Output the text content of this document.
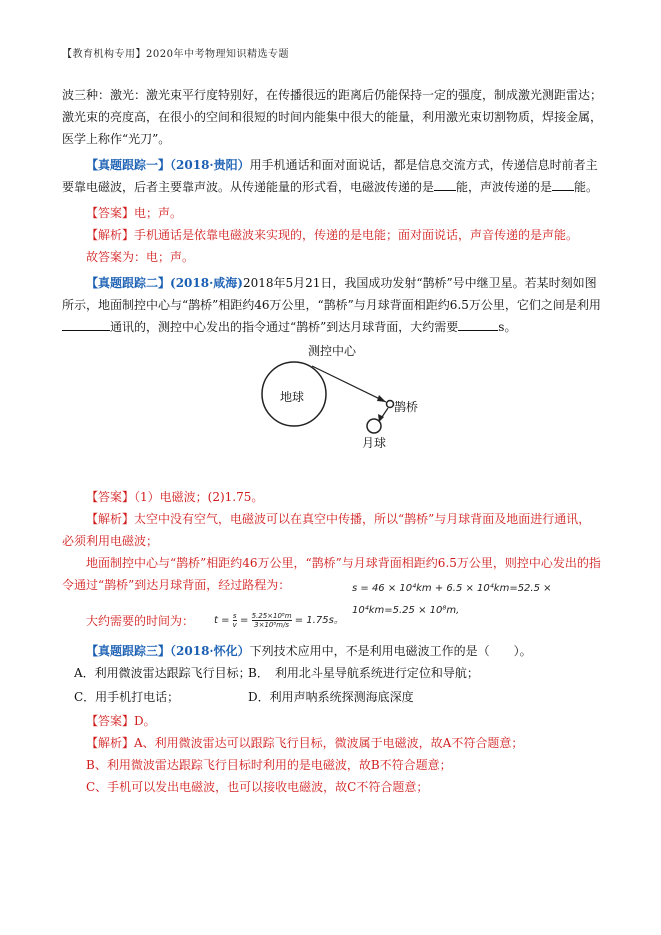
【教育机构专用】2020年中考物理知识精选专题

波三种：激光：激光束平行度特别好，在传播很远的距离后仍能保持一定的强度，制成激光测距雷达；激光束的亮度高，在很小的空间和很短的时间内能集中很大的能量，利用激光束切割物质，焊接金属，医学上称作“光刀”。

【真题跟踪一】（2018·贵阳）用手机通话和面对面说话，都是信息交流方式，传递信息时前者主要靠电磁波，后者主要靠声波。从传递能量的形式看，电磁波传递的是 能，声波传递的是 能。

【答案】电；声。

【解析】手机通话是依靠电磁波来实现的，传递的是电能；面对面说话，声音传递的是声能。

故答案为：电；声。

【真题跟踪二】(2018·咸海)2018年5月21日，我国成功发射“鹊桥”号中继卫星。若某时刻如图所示，地面制控中心与“鹊桥”相距约46万公里，“鹊桥”与月球背面相距约6.5万公里，它们之间是利用通讯的，测控中心发出的指令通过“鹊桥”到达月球背面，大约需要	s。

地球
测控中心
鹊桥
月球

【答案】（1）电磁波；(2)1.75。

【解析】太空中没有空气，电磁波可以在真空中传播，所以“鹊桥”与月球背面及地面进行通讯，必须利用电磁波；

地面制控中心与“鹊桥”相距约46万公里，“鹊桥”与月球背面相距约6.5万公里，则控中心发出的指令通过“鹊桥”到达月球背面，经过路程为：	s = 46 × 10⁴km + 6.5 × 10⁴km=52.5 × 10⁴km=5.25 × 10⁸m,
大约需要的时间为： $t = \frac{s}{v} = \frac{\text{5.25×10⁸m}}{\text{3×10⁸m/s}} = 1.75s$。

【真题跟踪三】（2018·怀化）下列技术应用中，不是利用电磁波工作的是（　　）。

A．利用微波雷达跟踪飞行目标；
B．　利用北斗星导航系统进行定位和导航；
C．用手机打电话；	D．利用声呐系统探测海底深度

【答案】D。

【解析】A、利用微波雷达可以跟踪飞行目标，微波属于电磁波，故A不符合题意；

B、利用微波雷达跟踪飞行目标时利用的是电磁波，故B不符合题意；

C、手机可以发出电磁波，也可以接收电磁波，故C不符合题意；
